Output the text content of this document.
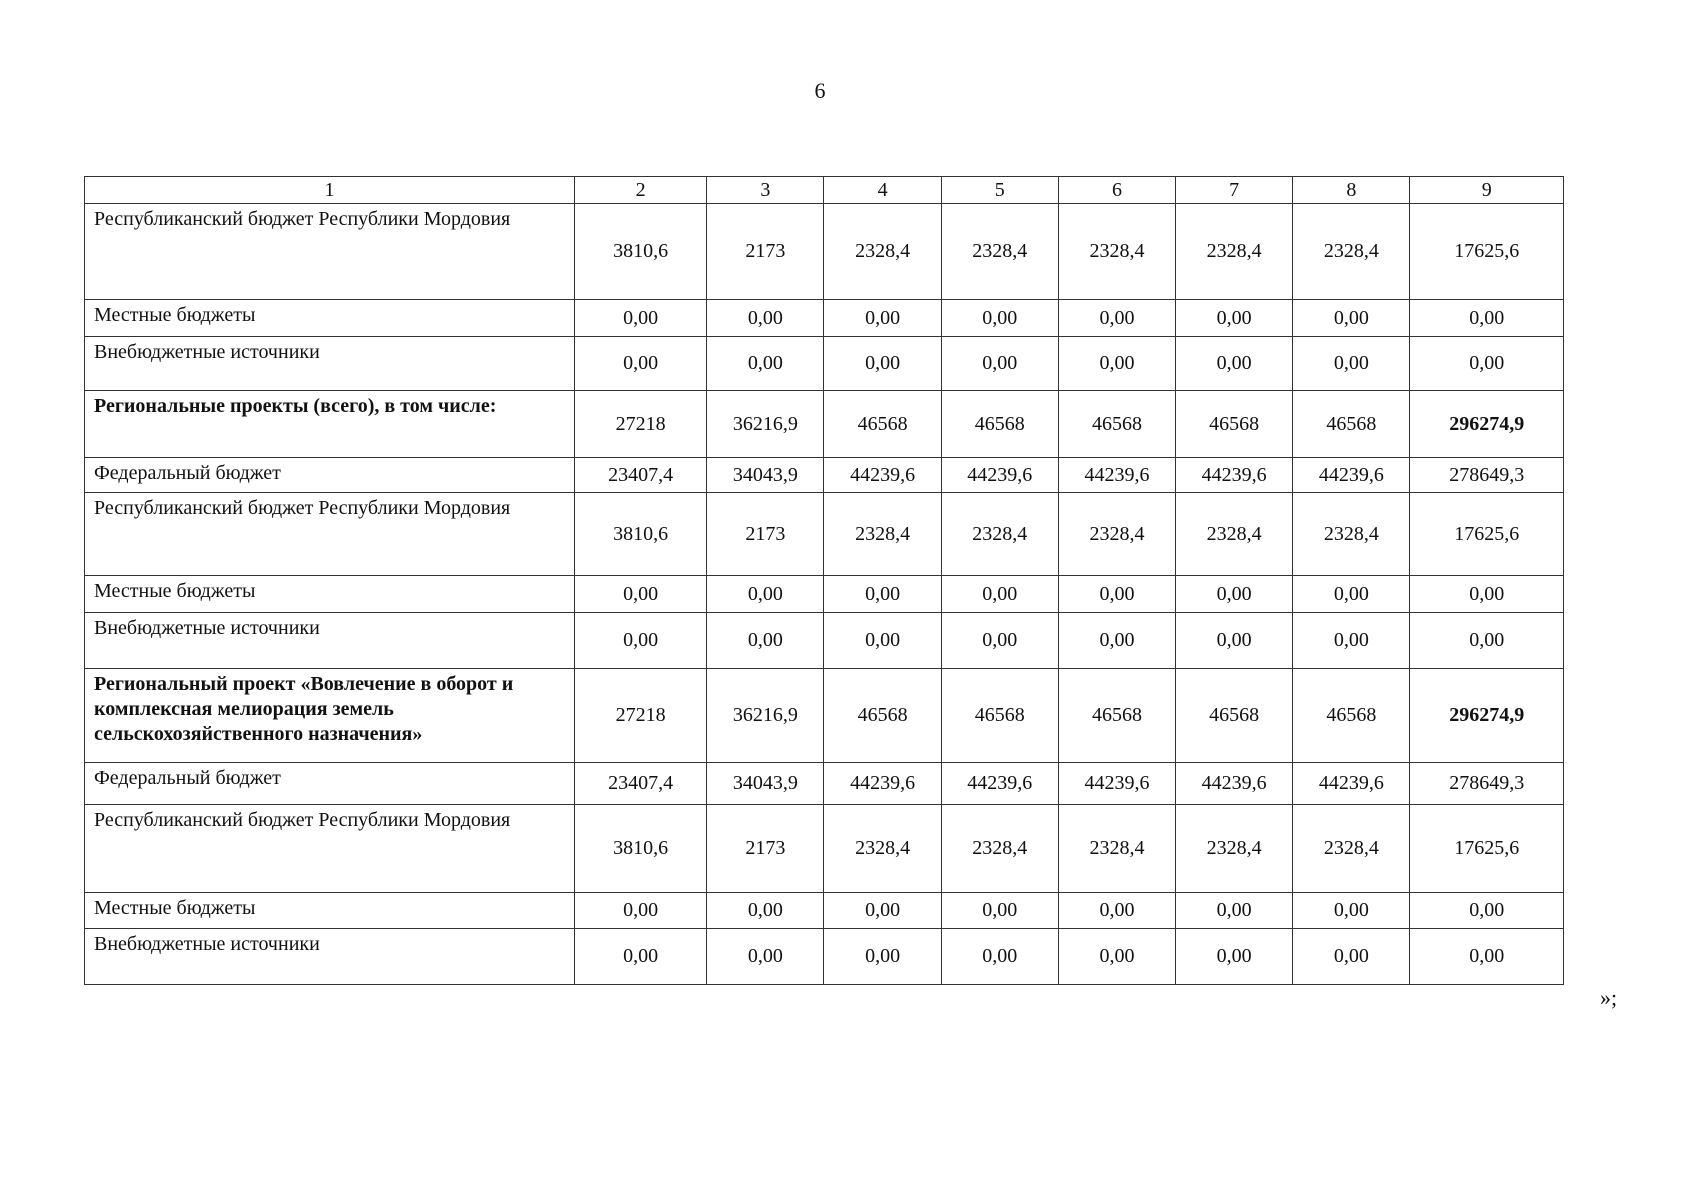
6
1	2	3	4	5	6	7	8	9
Республиканский бюджет Республики Мордовия	3810,6	2173	2328,4	2328,4	2328,4	2328,4	2328,4	17625,6
Местные бюджеты	0,00	0,00	0,00	0,00	0,00	0,00	0,00	0,00
Внебюджетные источники	0,00	0,00	0,00	0,00	0,00	0,00	0,00	0,00
Региональные проекты (всего), в том числе:	27218	36216,9	46568	46568	46568	46568	46568	296274,9
Федеральный бюджет	23407,4	34043,9	44239,6	44239,6	44239,6	44239,6	44239,6	278649,3
Республиканский бюджет Республики Мордовия	3810,6	2173	2328,4	2328,4	2328,4	2328,4	2328,4	17625,6
Местные бюджеты	0,00	0,00	0,00	0,00	0,00	0,00	0,00	0,00
Внебюджетные источники	0,00	0,00	0,00	0,00	0,00	0,00	0,00	0,00
Региональный проект «Вовлечение в оборот и комплексная мелиорация земель сельскохозяйственного назначения»	27218	36216,9	46568	46568	46568	46568	46568	296274,9
Федеральный бюджет	23407,4	34043,9	44239,6	44239,6	44239,6	44239,6	44239,6	278649,3
Республиканский бюджет Республики Мордовия	3810,6	2173	2328,4	2328,4	2328,4	2328,4	2328,4	17625,6
Местные бюджеты	0,00	0,00	0,00	0,00	0,00	0,00	0,00	0,00
Внебюджетные источники	0,00	0,00	0,00	0,00	0,00	0,00	0,00	0,00
»;
